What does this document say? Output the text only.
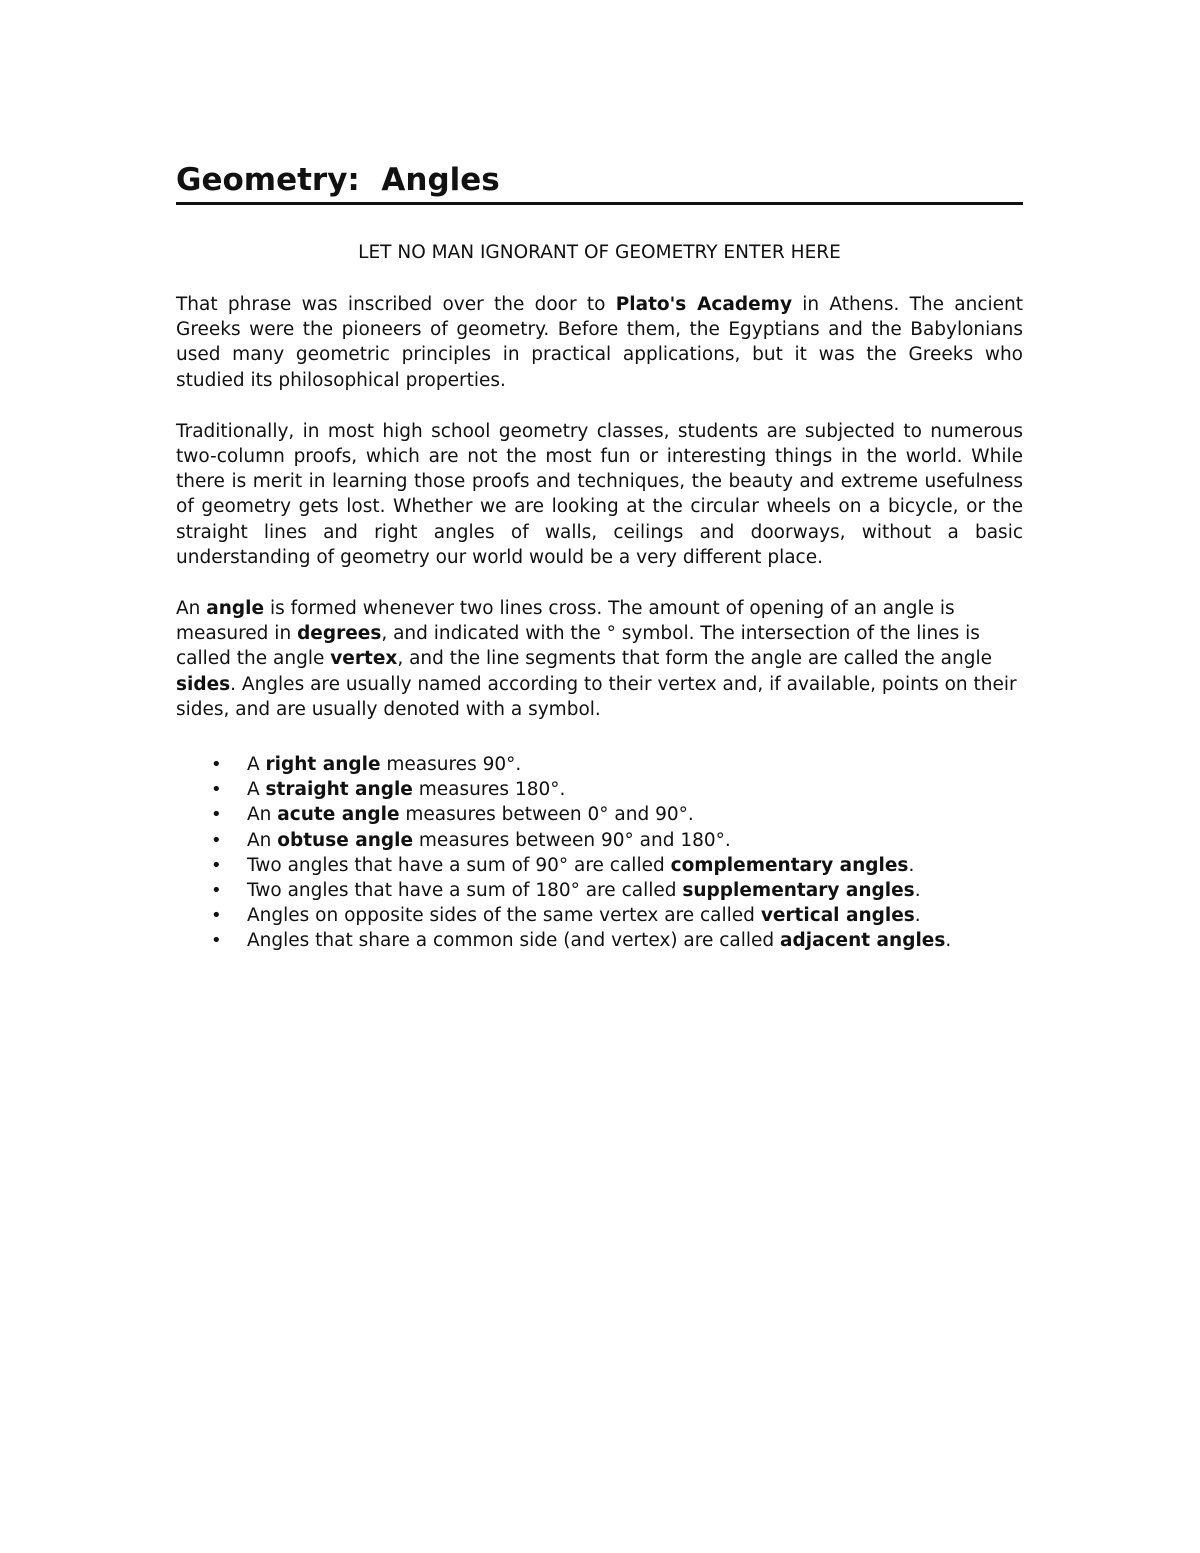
Geometry:  Angles
LET NO MAN IGNORANT OF GEOMETRY ENTER HERE

That phrase was inscribed over the door to Plato's Academy in Athens. The ancient Greeks were the pioneers of geometry. Before them, the Egyptians and the Babylonians used many geometric principles in practical applications, but it was the Greeks who studied its philosophical properties.

Traditionally, in most high school geometry classes, students are subjected to numerous two-column proofs, which are not the most fun or interesting things in the world. While there is merit in learning those proofs and techniques, the beauty and extreme usefulness of geometry gets lost. Whether we are looking at the circular wheels on a bicycle, or the straight lines and right angles of walls, ceilings and doorways, without a basic understanding of geometry our world would be a very different place.

An angle is formed whenever two lines cross. The amount of opening of an angle is measured in degrees, and indicated with the ° symbol. The intersection of the lines is called the angle vertex, and the line segments that form the angle are called the angle sides. Angles are usually named according to their vertex and, if available, points on their sides, and are usually denoted with a symbol.

• A right angle measures 90°.
• A straight angle measures 180°.
• An acute angle measures between 0° and 90°.
• An obtuse angle measures between 90° and 180°.
• Two angles that have a sum of 90° are called complementary angles.
• Two angles that have a sum of 180° are called supplementary angles.
• Angles on opposite sides of the same vertex are called vertical angles.
• Angles that share a common side (and vertex) are called adjacent angles.
